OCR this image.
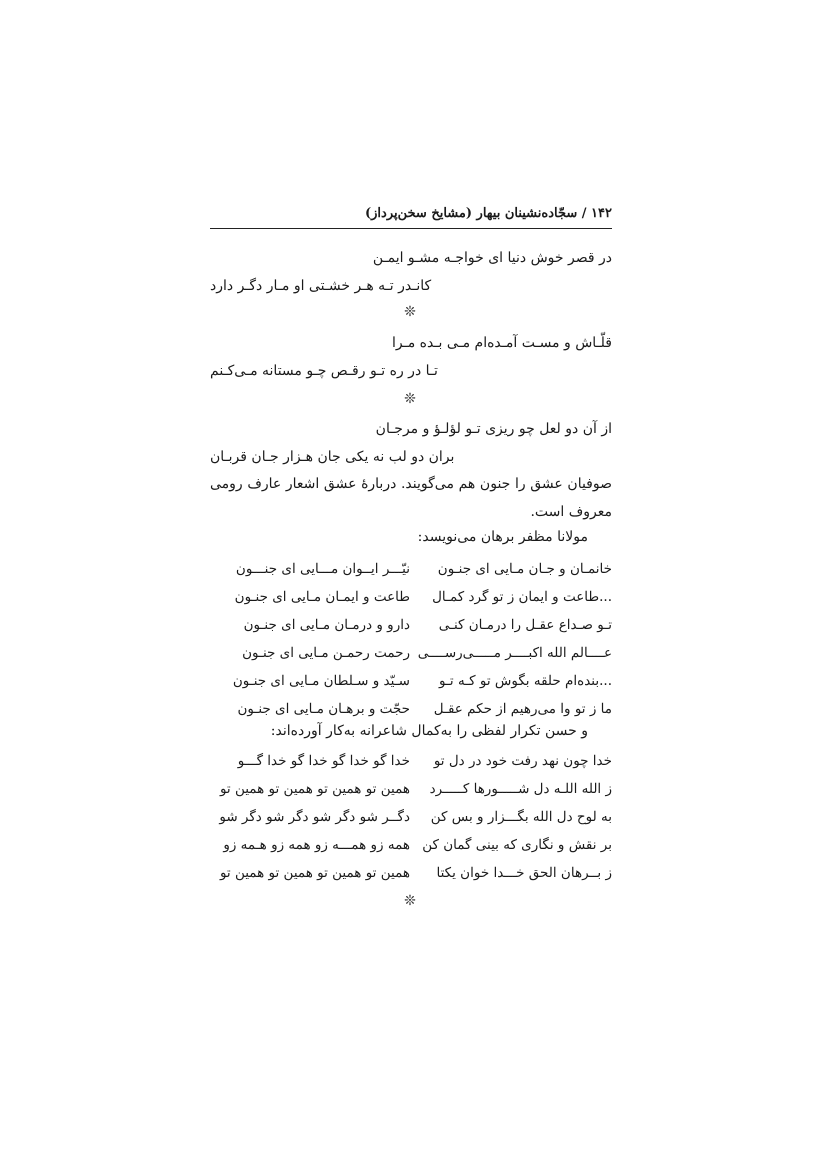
۱۴۲ / سجّاده‌نشینان بیهار (مشایخ سخن‌پرداز)
در قصر خوش دنیا ای خواجـه مشـو ایمـن
کانـدر تـه هـر خشـتی او مـار دگـر دارد
❊
قلّـاش و مسـت آمـده‌ام مـی بـده مـرا
تـا در ره تـو رقـص چـو مستانه مـی‌کـنم
❊
از آن دو لعل چو ریزی تـو لؤلـؤ و مرجـان
بران دو لب نه یکی جان هـزار جـان قربـان
صوفیان عشق را جنون هم می‌گویند. دربارهٔ عشق اشعار عارف رومی معروف است.
مولانا مظفر برهان می‌نویسد:
خانمـان و جـان مـایی ای جنـون
نیّـــر ایــوان مـــایی ای جنـــون
...طاعت و ایمان ز تو گرد کمـال
طاعت و ایمـان مـایی ای جنـون
تـو صـداع عقـل را درمـان کنـی
دارو و درمـان مـایی ای جنـون
عــــالم الله اکبــــر مـــــی‌رســــی
رحمت رحمـن مـایی ای جنـون
...بنده‌ام حلقه بگوش تو کـه تـو
سـیّد و سـلطان مـایی ای جنـون
ما ز تو وا می‌رهیم از حکم عقـل
حجّت و برهـان مـایی ای جنـون
و حسن تکرار لفظی را به‌کمال شاعرانه به‌کار آورده‌اند:
خدا چون نهد رفت خود در دل تو
خدا گو خدا گو خدا گو خدا گـــو
ز الله اللـه دل شـــــورها کـــــرد
همین تو همین تو همین تو همین تو
به لوح دل الله بگـــزار و بس کن
دگــر شو دگر شو دگر شو دگر شو
بر نقش و نگاری که بینی گمان کن
همه زو همـــه زو همه زو هـمه زو
ز بــرهان الحق خـــدا خوان یکتا
همین تو همین تو همین تو همین تو
❊
